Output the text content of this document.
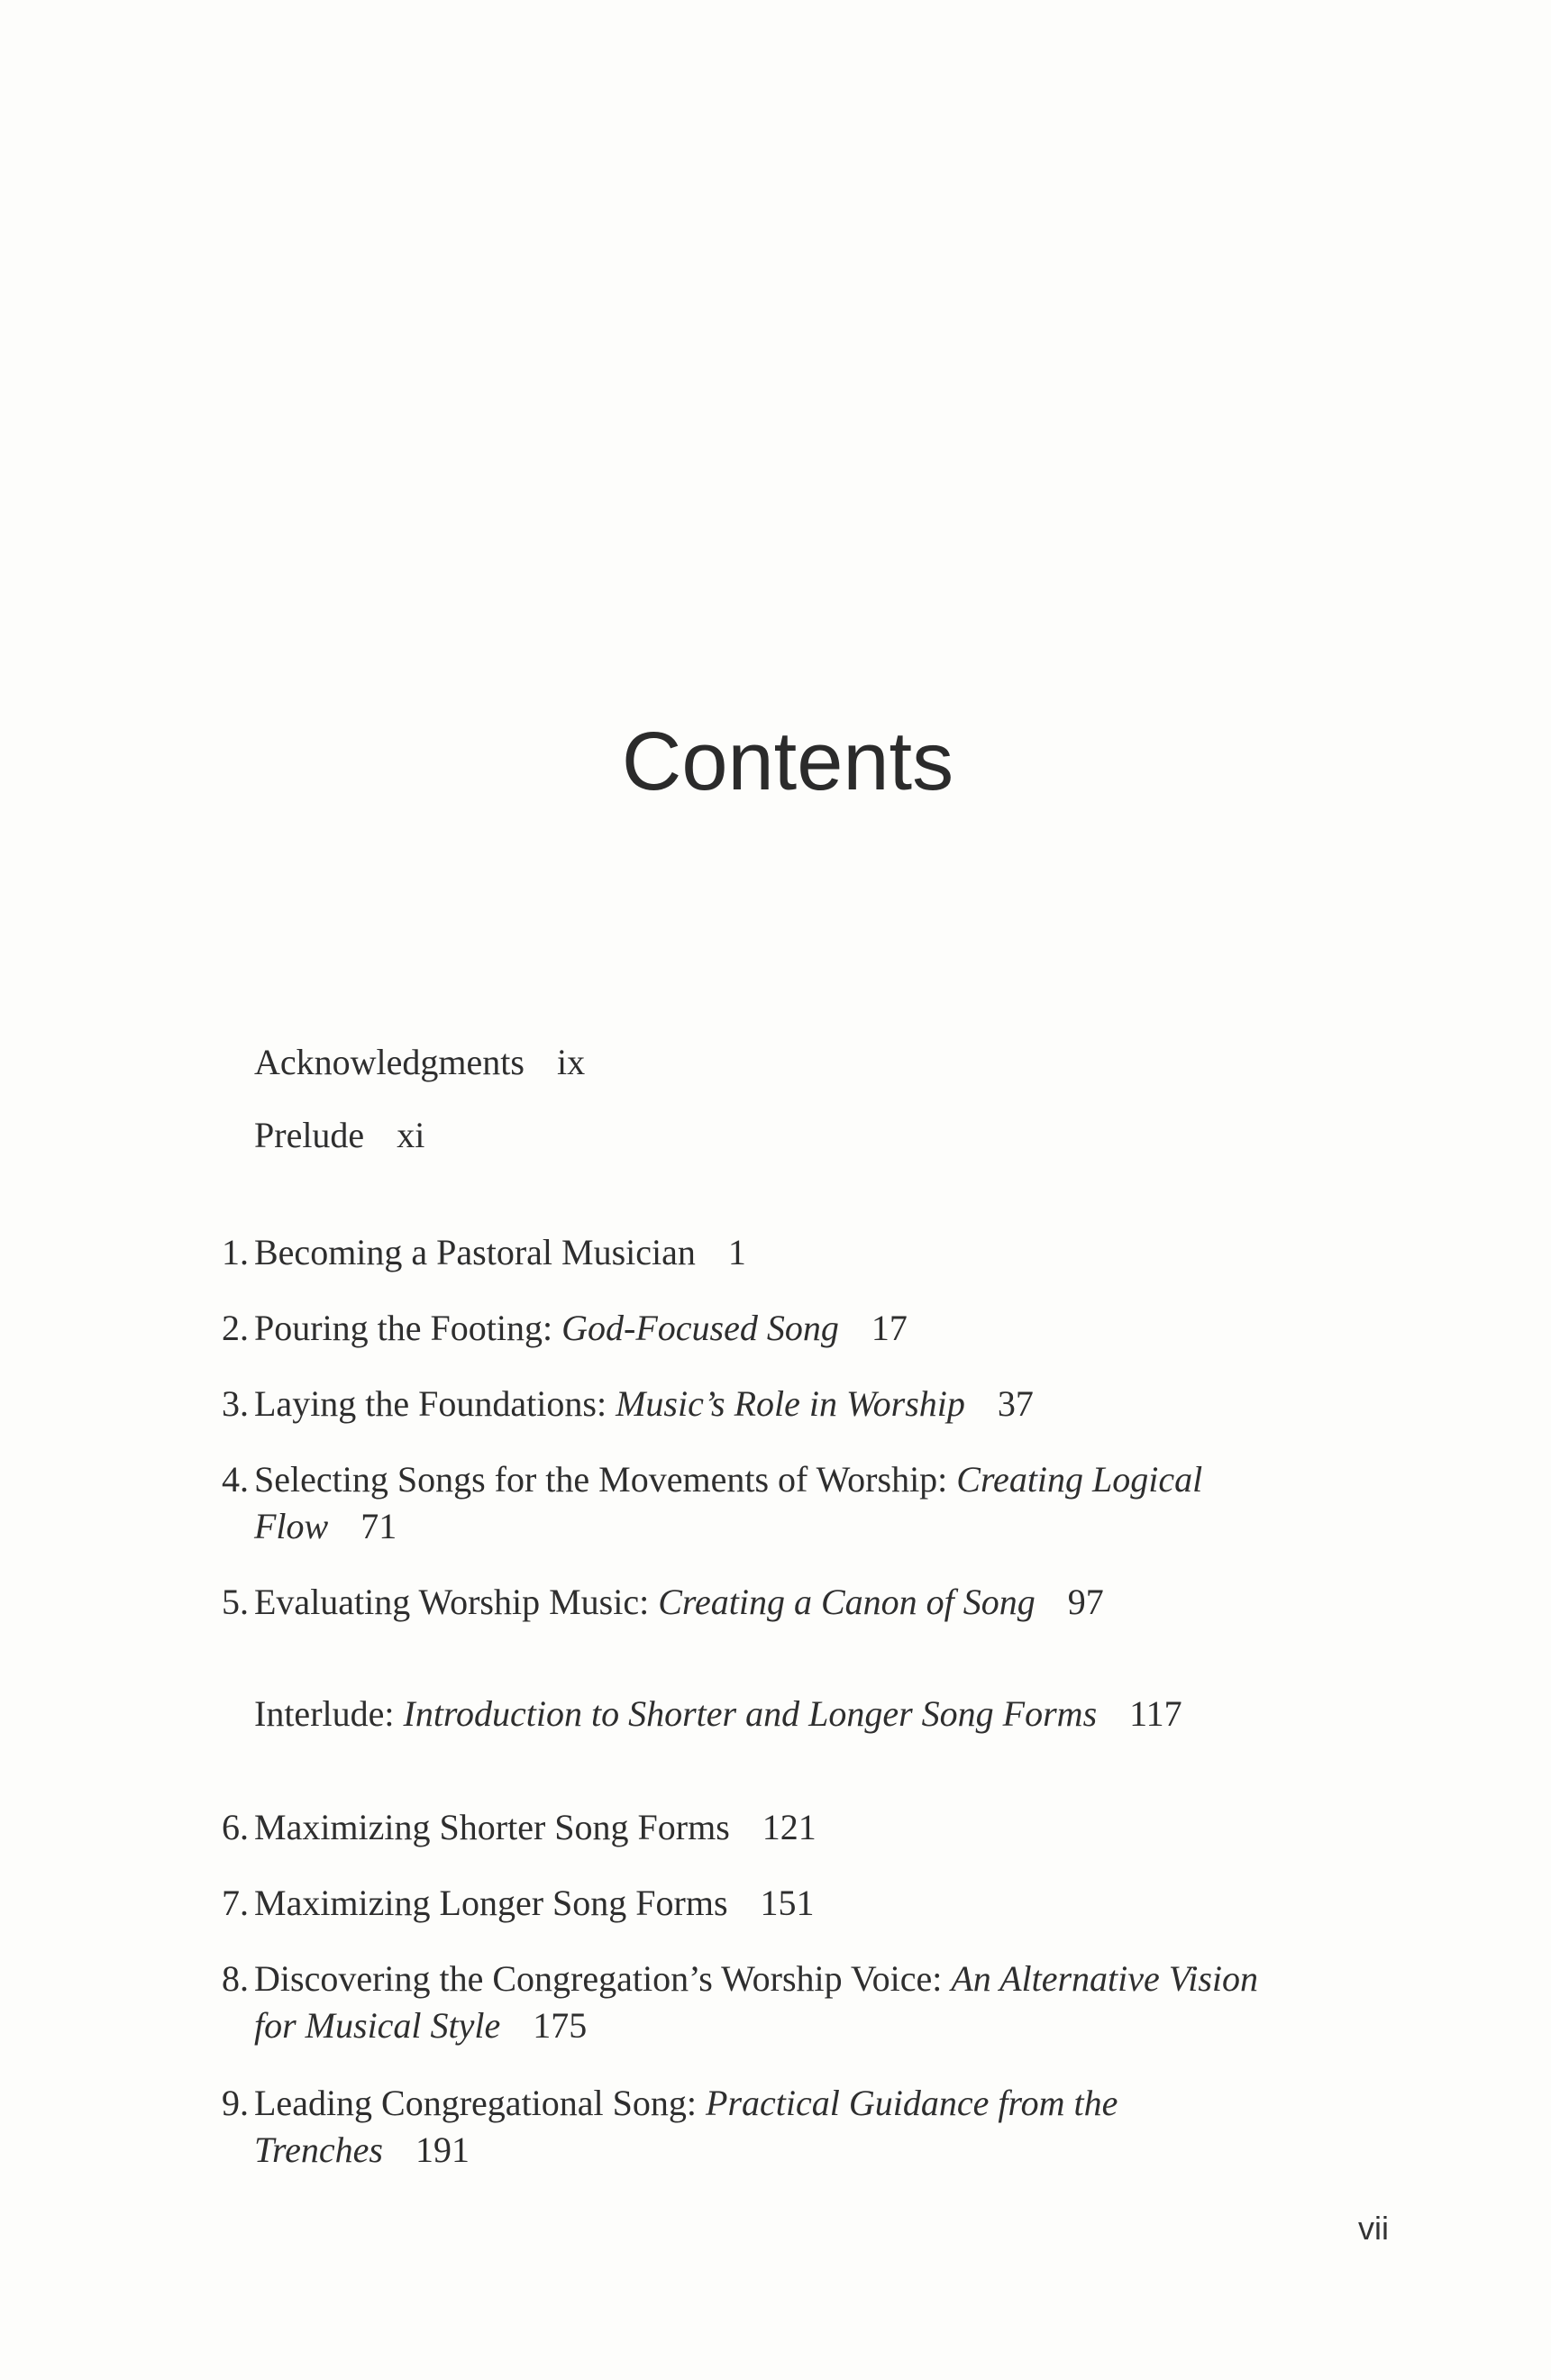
Contents
Acknowledgments ix
Prelude xi
1. Becoming a Pastoral Musician 1
2. Pouring the Footing: God-Focused Song 17
3. Laying the Foundations: Music’s Role in Worship 37
4. Selecting Songs for the Movements of Worship: Creating Logical
Flow 71
5. Evaluating Worship Music: Creating a Canon of Song 97
Interlude: Introduction to Shorter and Longer Song Forms 117
6. Maximizing Shorter Song Forms 121
7. Maximizing Longer Song Forms 151
8. Discovering the Congregation’s Worship Voice: An Alternative Vision
for Musical Style 175
9. Leading Congregational Song: Practical Guidance from the
Trenches 191
vii
